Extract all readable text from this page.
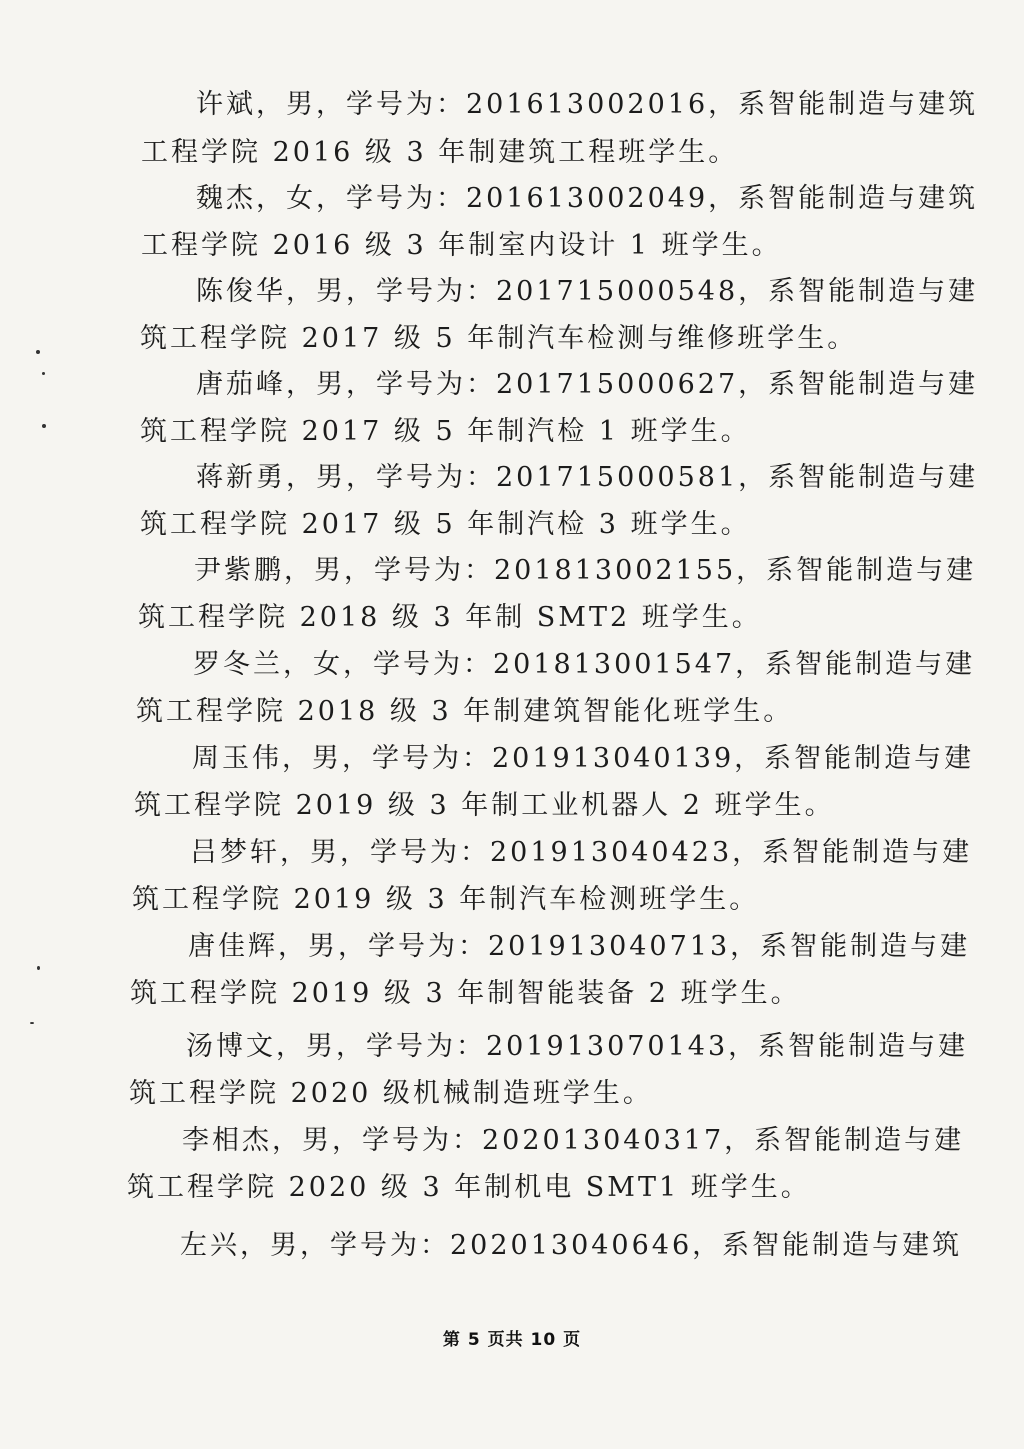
许斌，男，学号为：201613002016，系智能制造与建筑
工程学院 2016 级 3 年制建筑工程班学生。
魏杰，女，学号为：201613002049，系智能制造与建筑
工程学院 2016 级 3 年制室内设计 1 班学生。
陈俊华，男，学号为：201715000548，系智能制造与建
筑工程学院 2017 级 5 年制汽车检测与维修班学生。
唐茄峰，男，学号为：201715000627，系智能制造与建
筑工程学院 2017 级 5 年制汽检 1 班学生。
蒋新勇，男，学号为：201715000581，系智能制造与建
筑工程学院 2017 级 5 年制汽检 3 班学生。
尹紫鹏，男，学号为：201813002155，系智能制造与建
筑工程学院 2018 级 3 年制 SMT2 班学生。
罗冬兰，女，学号为：201813001547，系智能制造与建
筑工程学院 2018 级 3 年制建筑智能化班学生。
周玉伟，男，学号为：201913040139，系智能制造与建
筑工程学院 2019 级 3 年制工业机器人 2 班学生。
吕梦轩，男，学号为：201913040423，系智能制造与建
筑工程学院 2019 级 3 年制汽车检测班学生。
唐佳辉，男，学号为：201913040713，系智能制造与建
筑工程学院 2019 级 3 年制智能装备 2 班学生。
汤博文，男，学号为：201913070143，系智能制造与建
筑工程学院 2020 级机械制造班学生。
李相杰，男，学号为：202013040317，系智能制造与建
筑工程学院 2020 级 3 年制机电 SMT1 班学生。
左兴，男，学号为：202013040646，系智能制造与建筑
第 5 页共 10 页
